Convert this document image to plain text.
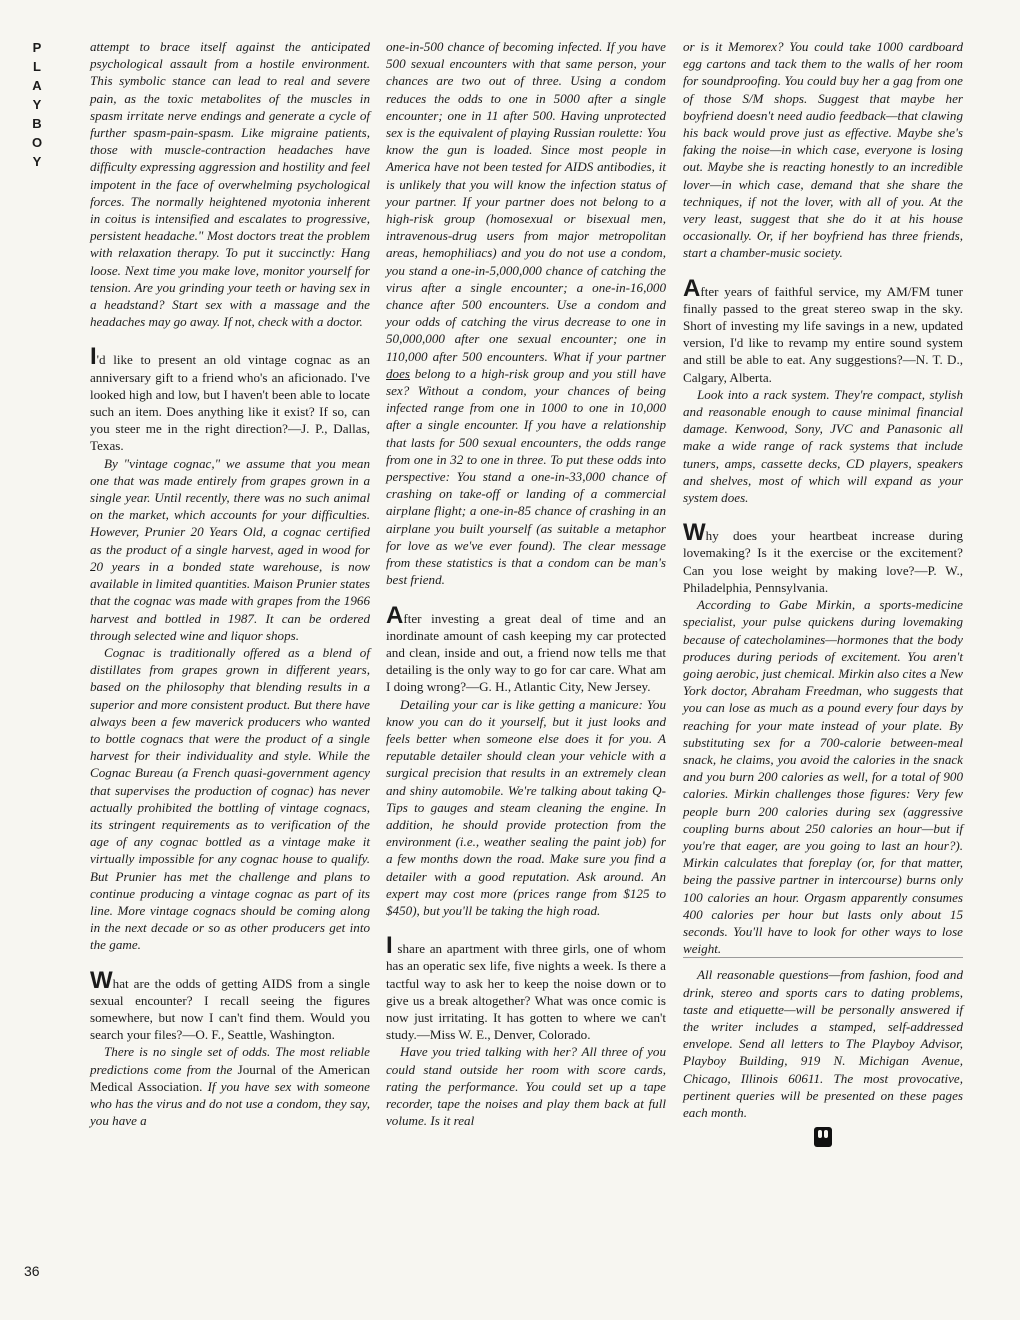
P
L
A
Y
B
O
Y
36

attempt to brace itself against the anticipated psychological assault from a hostile environment. This symbolic stance can lead to real and severe pain, as the toxic metabolites of the muscles in spasm irritate nerve endings and generate a cycle of further spasm-pain-spasm. Like migraine patients, those with muscle-contraction headaches have difficulty expressing aggression and hostility and feel impotent in the face of overwhelming psychological forces. The normally heightened myotonia inherent in coitus is intensified and escalates to progressive, persistent headache." Most doctors treat the problem with relaxation therapy. To put it succinctly: Hang loose. Next time you make love, monitor yourself for tension. Are you grinding your teeth or having sex in a headstand? Start sex with a massage and the headaches may go away. If not, check with a doctor.

I'd like to present an old vintage cognac as an anniversary gift to a friend who's an aficionado. I've looked high and low, but I haven't been able to locate such an item. Does anything like it exist? If so, can you steer me in the right direction?—J. P., Dallas, Texas.

By "vintage cognac," we assume that you mean one that was made entirely from grapes grown in a single year. Until recently, there was no such animal on the market, which accounts for your difficulties. However, Prunier 20 Years Old, a cognac certified as the product of a single harvest, aged in wood for 20 years in a bonded state warehouse, is now available in limited quantities. Maison Prunier states that the cognac was made with grapes from the 1966 harvest and bottled in 1987. It can be ordered through selected wine and liquor shops.

Cognac is traditionally offered as a blend of distillates from grapes grown in different years, based on the philosophy that blending results in a superior and more consistent product. But there have always been a few maverick producers who wanted to bottle cognacs that were the product of a single harvest for their individuality and style. While the Cognac Bureau (a French quasi-government agency that supervises the production of cognac) has never actually prohibited the bottling of vintage cognacs, its stringent requirements as to verification of the age of any cognac bottled as a vintage make it virtually impossible for any cognac house to qualify. But Prunier has met the challenge and plans to continue producing a vintage cognac as part of its line. More vintage cognacs should be coming along in the next decade or so as other producers get into the game.

What are the odds of getting AIDS from a single sexual encounter? I recall seeing the figures somewhere, but now I can't find them. Would you search your files?—O. F., Seattle, Washington.

There is no single set of odds. The most reliable predictions come from the Journal of the American Medical Association. If you have sex with someone who has the virus and do not use a condom, they say, you have a

one-in-500 chance of becoming infected. If you have 500 sexual encounters with that same person, your chances are two out of three. Using a condom reduces the odds to one in 5000 after a single encounter; one in 11 after 500. Having unprotected sex is the equivalent of playing Russian roulette: You know the gun is loaded. Since most people in America have not been tested for AIDS antibodies, it is unlikely that you will know the infection status of your partner. If your partner does not belong to a high-risk group (homosexual or bisexual men, intravenous-drug users from major metropolitan areas, hemophiliacs) and you do not use a condom, you stand a one-in-5,000,000 chance of catching the virus after a single encounter; a one-in-16,000 chance after 500 encounters. Use a condom and your odds of catching the virus decrease to one in 50,000,000 after one sexual encounter; one in 110,000 after 500 encounters. What if your partner does belong to a high-risk group and you still have sex? Without a condom, your chances of being infected range from one in 1000 to one in 10,000 after a single encounter. If you have a relationship that lasts for 500 sexual encounters, the odds range from one in 32 to one in three. To put these odds into perspective: You stand a one-in-33,000 chance of crashing on take-off or landing of a commercial airplane flight; a one-in-85 chance of crashing in an airplane you built yourself (as suitable a metaphor for love as we've ever found). The clear message from these statistics is that a condom can be man's best friend.

After investing a great deal of time and an inordinate amount of cash keeping my car protected and clean, inside and out, a friend now tells me that detailing is the only way to go for car care. What am I doing wrong?—G. H., Atlantic City, New Jersey.

Detailing your car is like getting a manicure: You know you can do it yourself, but it just looks and feels better when someone else does it for you. A reputable detailer should clean your vehicle with a surgical precision that results in an extremely clean and shiny automobile. We're talking about taking Q-Tips to gauges and steam cleaning the engine. In addition, he should provide protection from the environment (i.e., weather sealing the paint job) for a few months down the road. Make sure you find a detailer with a good reputation. Ask around. An expert may cost more (prices range from $125 to $450), but you'll be taking the high road.

I share an apartment with three girls, one of whom has an operatic sex life, five nights a week. Is there a tactful way to ask her to keep the noise down or to give us a break altogether? What was once comic is now just irritating. It has gotten to where we can't study.—Miss W. E., Denver, Colorado.

Have you tried talking with her? All three of you could stand outside her room with score cards, rating the performance. You could set up a tape recorder, tape the noises and play them back at full volume. Is it real

or is it Memorex? You could take 1000 cardboard egg cartons and tack them to the walls of her room for soundproofing. You could buy her a gag from one of those S/M shops. Suggest that maybe her boyfriend doesn't need audio feedback—that clawing his back would prove just as effective. Maybe she's faking the noise—in which case, everyone is losing out. Maybe she is reacting honestly to an incredible lover—in which case, demand that she share the techniques, if not the lover, with all of you. At the very least, suggest that she do it at his house occasionally. Or, if her boyfriend has three friends, start a chamber-music society.

After years of faithful service, my AM/FM tuner finally passed to the great stereo swap in the sky. Short of investing my life savings in a new, updated version, I'd like to revamp my entire sound system and still be able to eat. Any suggestions?—N. T. D., Calgary, Alberta.

Look into a rack system. They're compact, stylish and reasonable enough to cause minimal financial damage. Kenwood, Sony, JVC and Panasonic all make a wide range of rack systems that include tuners, amps, cassette decks, CD players, speakers and shelves, most of which will expand as your system does.

Why does your heartbeat increase during lovemaking? Is it the exercise or the excitement? Can you lose weight by making love?—P. W., Philadelphia, Pennsylvania.

According to Gabe Mirkin, a sports-medicine specialist, your pulse quickens during lovemaking because of catecholamines—hormones that the body produces during periods of excitement. You aren't going aerobic, just chemical. Mirkin also cites a New York doctor, Abraham Freedman, who suggests that you can lose as much as a pound every four days by reaching for your mate instead of your plate. By substituting sex for a 700-calorie between-meal snack, he claims, you avoid the calories in the snack and you burn 200 calories as well, for a total of 900 calories. Mirkin challenges those figures: Very few people burn 200 calories during sex (aggressive coupling burns about 250 calories an hour—but if you're that eager, are you going to last an hour?). Mirkin calculates that foreplay (or, for that matter, being the passive partner in intercourse) burns only 100 calories an hour. Orgasm apparently consumes 400 calories per hour but lasts only about 15 seconds. You'll have to look for other ways to lose weight.

All reasonable questions—from fashion, food and drink, stereo and sports cars to dating problems, taste and etiquette—will be personally answered if the writer includes a stamped, self-addressed envelope. Send all letters to The Playboy Advisor, Playboy Building, 919 N. Michigan Avenue, Chicago, Illinois 60611. The most provocative, pertinent queries will be presented on these pages each month.
